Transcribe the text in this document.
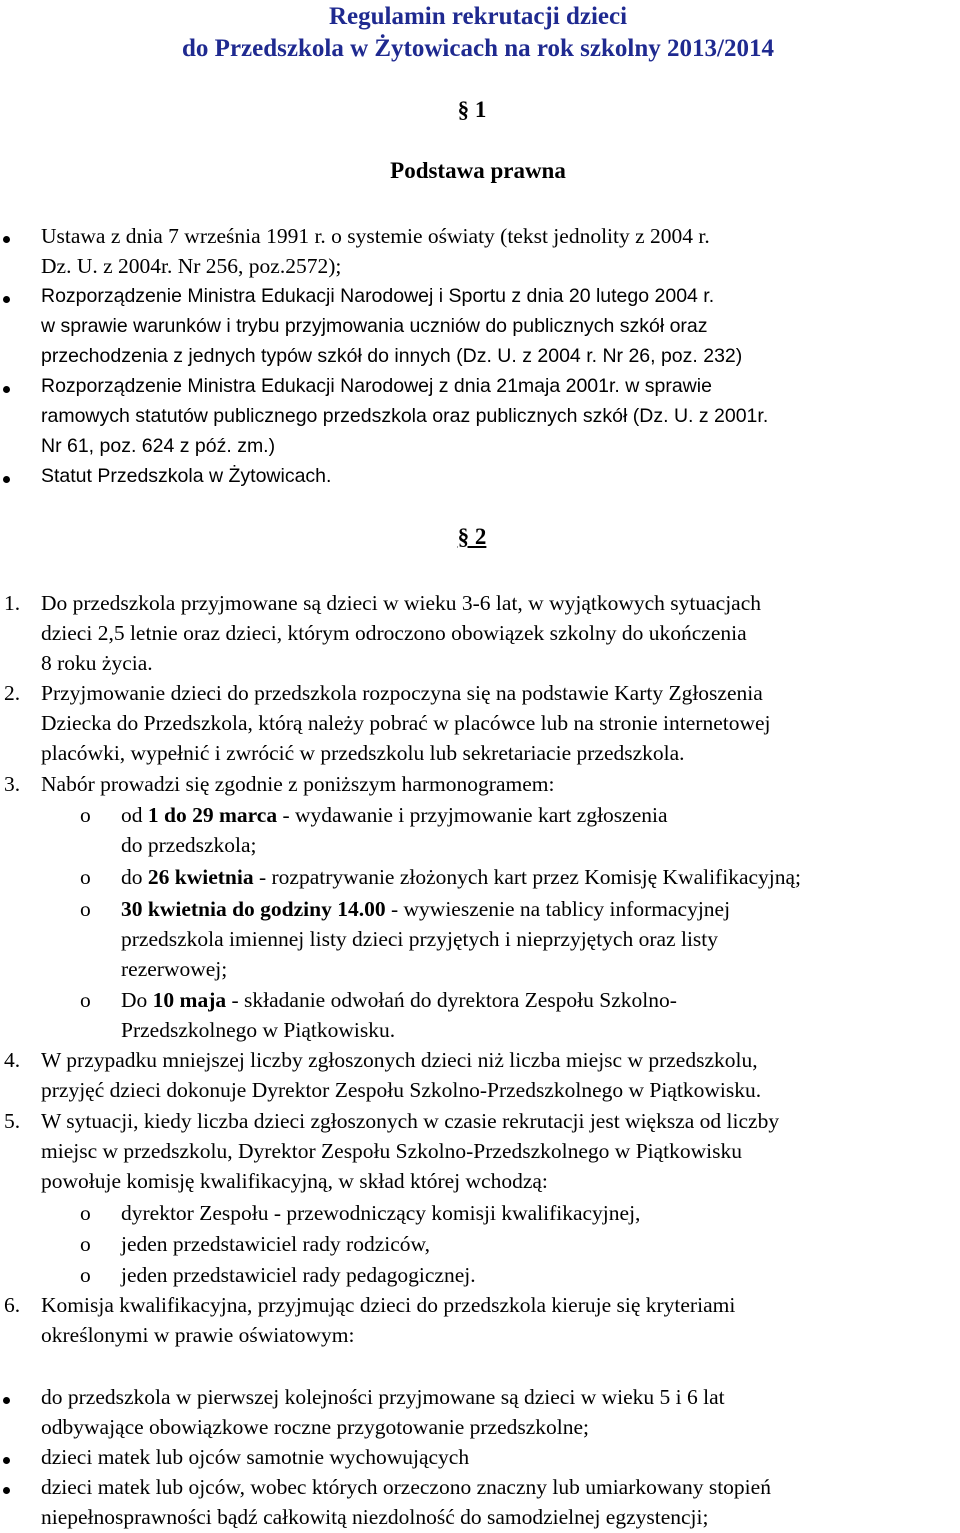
Regulamin rekrutacji dzieci
do Przedszkola w Żytowicach na rok szkolny 2013/2014
§ 1
Podstawa prawna
Ustawa z dnia 7 września 1991 r. o systemie oświaty (tekst jednolity z 2004 r.
Dz. U. z 2004r. Nr 256, poz.2572);
Rozporządzenie Ministra Edukacji Narodowej i Sportu z dnia 20 lutego 2004 r.
w sprawie warunków i trybu przyjmowania uczniów do publicznych szkół oraz
przechodzenia z jednych typów szkół do innych (Dz. U. z 2004 r. Nr 26, poz. 232)
Rozporządzenie Ministra Edukacji Narodowej z dnia 21maja 2001r. w sprawie
ramowych statutów publicznego przedszkola oraz publicznych szkół (Dz. U. z 2001r.
Nr 61, poz. 624 z póź. zm.)
Statut Przedszkola w Żytowicach.
§ 2
1. Do przedszkola przyjmowane są dzieci w wieku 3-6 lat, w wyjątkowych sytuacjach
dzieci 2,5 letnie oraz dzieci, którym odroczono obowiązek szkolny do ukończenia
8 roku życia.
2. Przyjmowanie dzieci do przedszkola rozpoczyna się na podstawie Karty Zgłoszenia
Dziecka do Przedszkola, którą należy pobrać w placówce lub na stronie internetowej
placówki, wypełnić i zwrócić w przedszkolu lub sekretariacie przedszkola.
3. Nabór prowadzi się zgodnie z poniższym harmonogramem:
o od 1 do 29 marca - wydawanie i przyjmowanie kart zgłoszenia
do przedszkola;
o do 26 kwietnia - rozpatrywanie złożonych kart przez Komisję Kwalifikacyjną;
o 30 kwietnia do godziny 14.00 - wywieszenie na tablicy informacyjnej
przedszkola imiennej listy dzieci przyjętych i nieprzyjętych oraz listy
rezerwowej;
o Do 10 maja - składanie odwołań do dyrektora Zespołu Szkolno-
Przedszkolnego w Piątkowisku.
4. W przypadku mniejszej liczby zgłoszonych dzieci niż liczba miejsc w przedszkolu,
przyjęć dzieci dokonuje Dyrektor Zespołu Szkolno-Przedszkolnego w Piątkowisku.
5. W sytuacji, kiedy liczba dzieci zgłoszonych w czasie rekrutacji jest większa od liczby
miejsc w przedszkolu, Dyrektor Zespołu Szkolno-Przedszkolnego w Piątkowisku
powołuje komisję kwalifikacyjną, w skład której wchodzą:
o dyrektor Zespołu - przewodniczący komisji kwalifikacyjnej,
o jeden przedstawiciel rady rodziców,
o jeden przedstawiciel rady pedagogicznej.
6. Komisja kwalifikacyjna, przyjmując dzieci do przedszkola kieruje się kryteriami
określonymi w prawie oświatowym:
do przedszkola w pierwszej kolejności przyjmowane są dzieci w wieku 5 i 6 lat
odbywające obowiązkowe roczne przygotowanie przedszkolne;
dzieci matek lub ojców samotnie wychowujących
dzieci matek lub ojców, wobec których orzeczono znaczny lub umiarkowany stopień
niepełnosprawności bądź całkowitą niezdolność do samodzielnej egzystencji;
